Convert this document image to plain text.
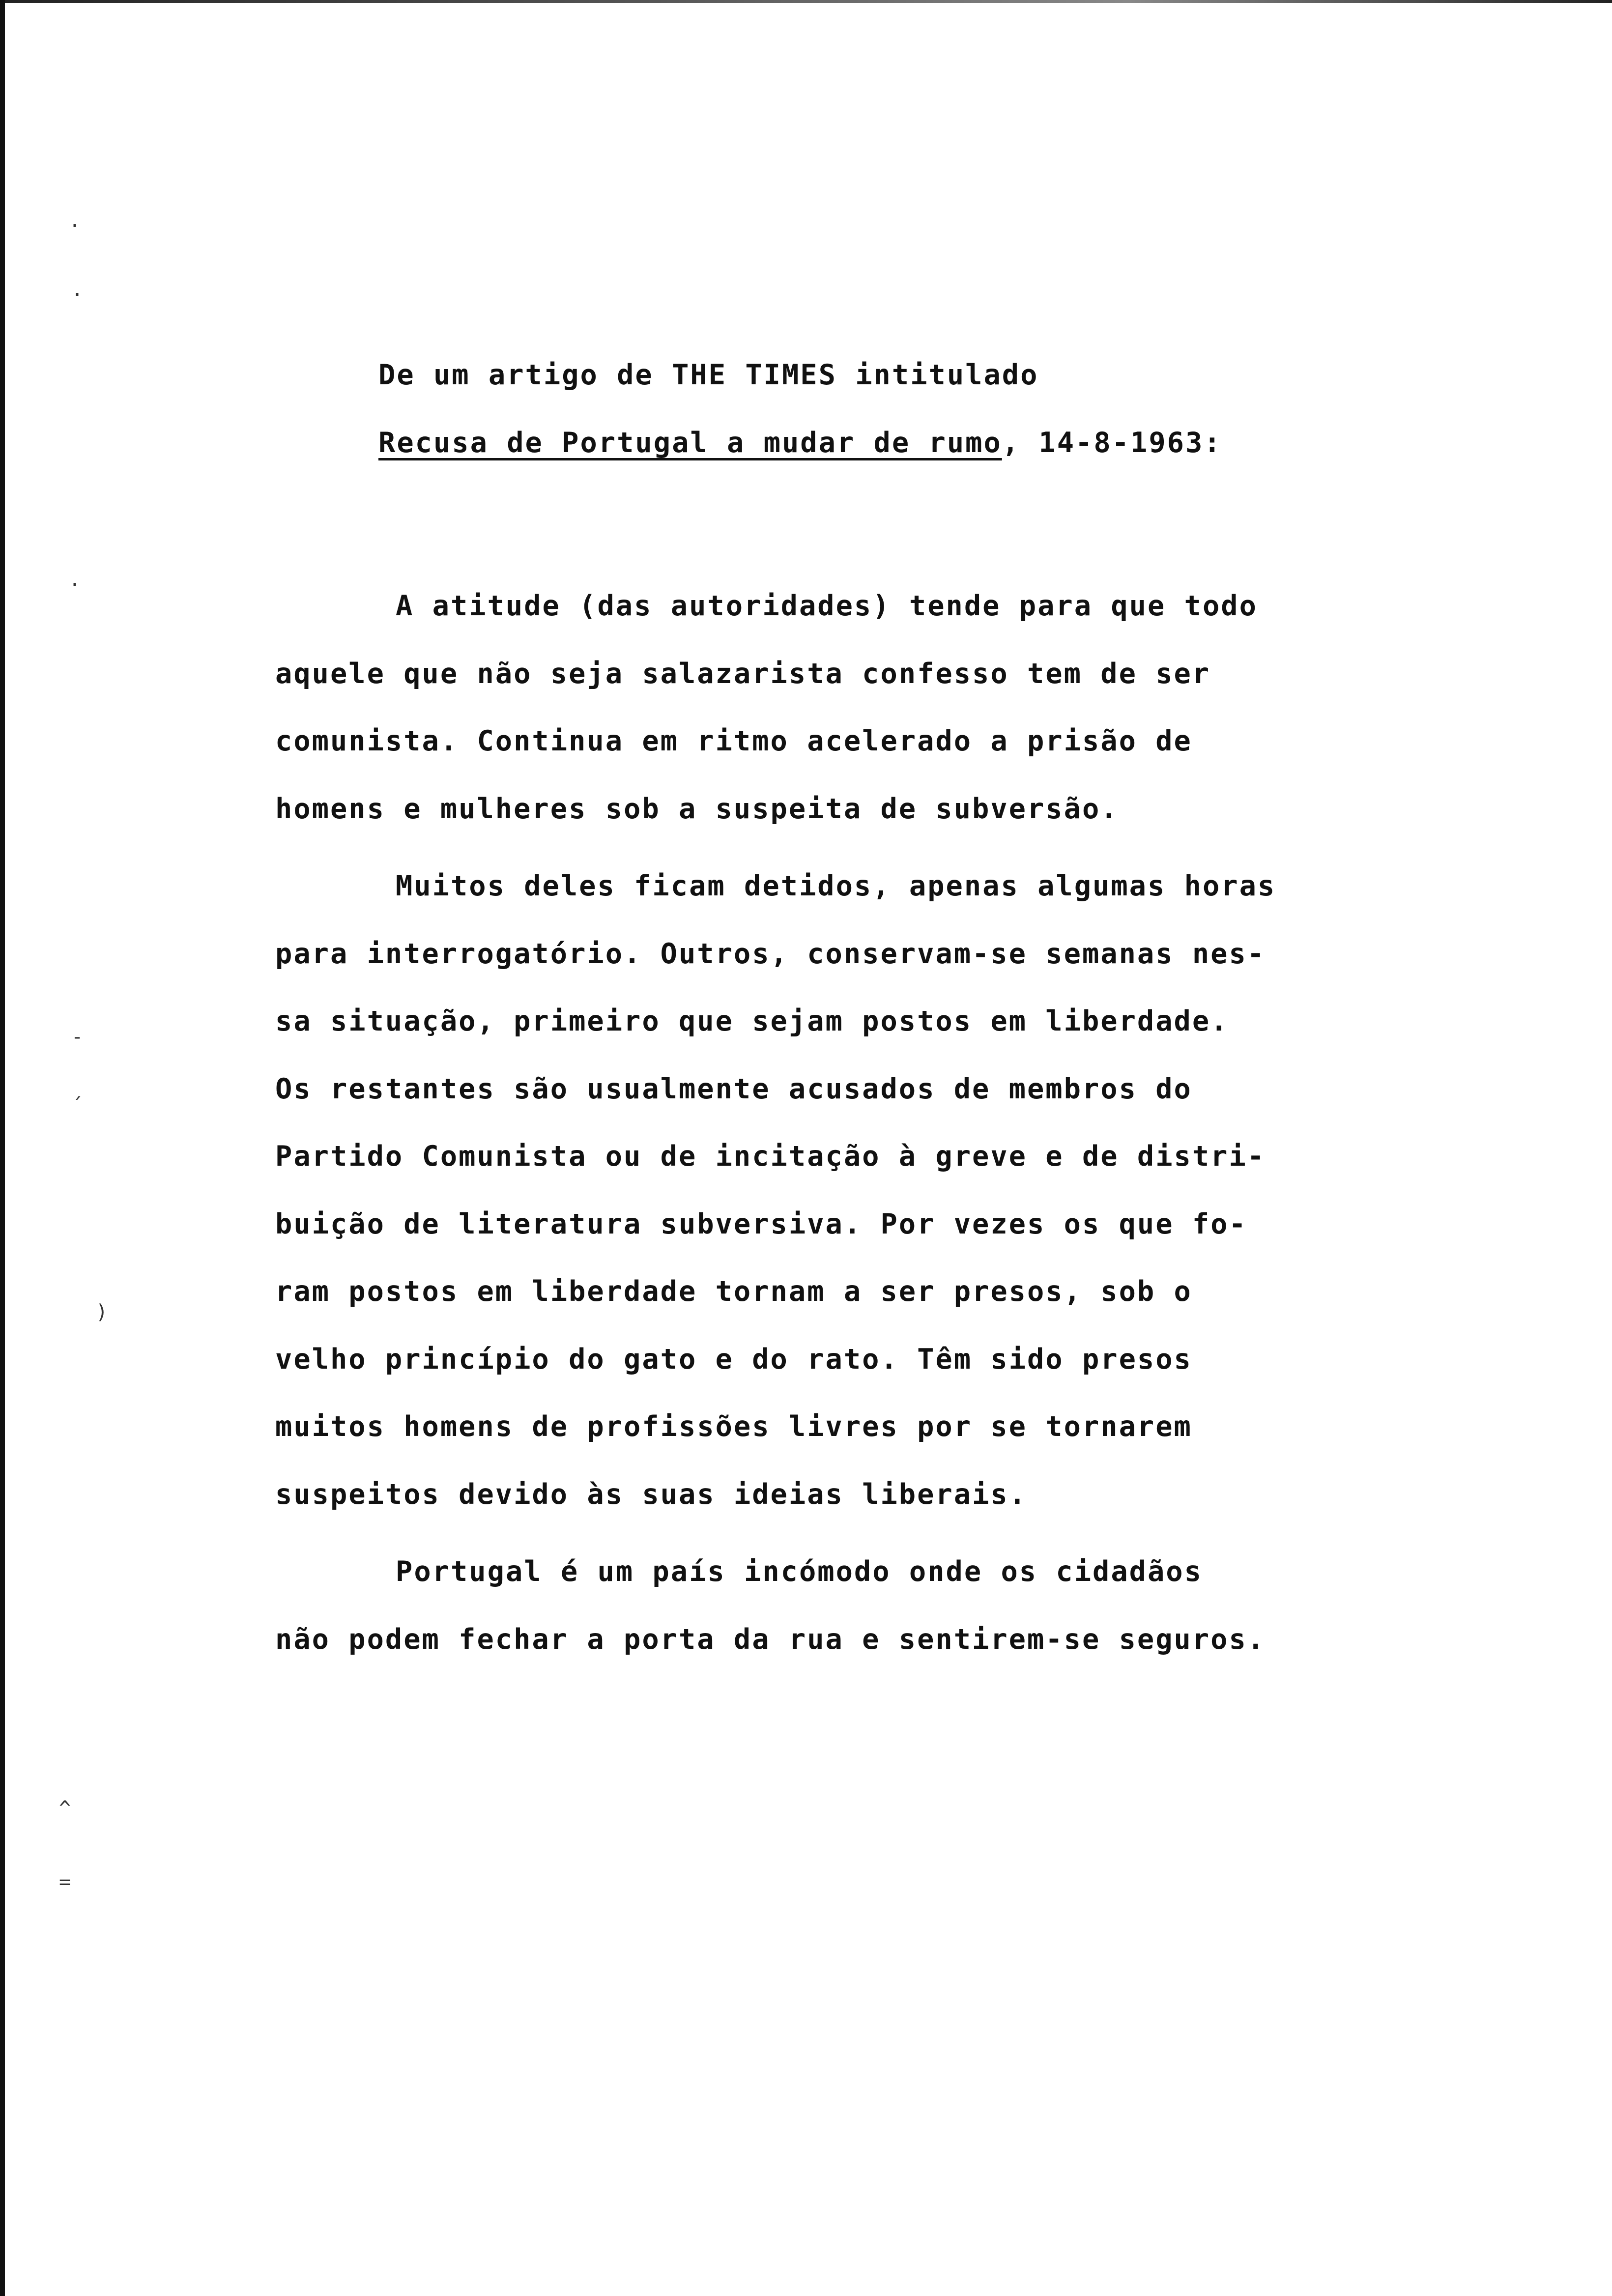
·
·
·
-
´
)
^
=
De um artigo de THE TIMES intitulado
Recusa de Portugal a mudar de rumo, 14-8-1963:
A atitude (das autoridades) tende para que todo
aquele que não seja salazarista confesso tem de ser
comunista. Continua em ritmo acelerado a prisão de
homens e mulheres sob a suspeita de subversão.
Muitos deles ficam detidos, apenas algumas horas
para interrogatório. Outros, conservam-se semanas nes-
sa situação, primeiro que sejam postos em liberdade.
Os restantes são usualmente acusados de membros do
Partido Comunista ou de incitação à greve e de distri-
buição de literatura subversiva. Por vezes os que fo-
ram postos em liberdade tornam a ser presos, sob o
velho princípio do gato e do rato. Têm sido presos
muitos homens de profissões livres por se tornarem
suspeitos devido às suas ideias liberais.
Portugal é um país incómodo onde os cidadãos
não podem fechar a porta da rua e sentirem-se seguros.
